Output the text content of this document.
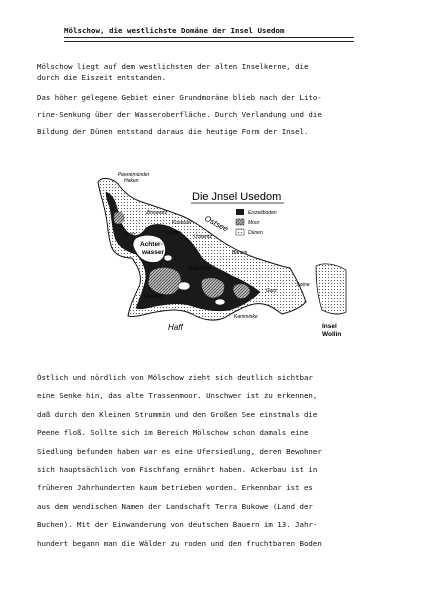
Mölschow, die westlichste Domäne der Insel Usedom
Mölschow liegt auf dem westlichsten der alten Inselkerne, die
durch die Eiszeit entstanden.
Das höher gelegene Gebiet einer Grundmoräne blieb nach der Lito-
rine-Senkung über der Wasseroberfläche. Durch Verlandung und die
Bildung der Dünen entstand daraus die heutige Form der Insel.
Die Jnsel Usedom
Eiszeitboden
Moor
Dünen
Peenemünder
Haken
Zinnowitz
Koserow
Ückeritz
Bansin
Loddin
Gnitz
Achter-
wasser
Ostsee
Usedom
Mellenthin
Garz
Kamminke
Swine
Haff	Insel
Wollin
Östlich und nördlich von Mölschow zieht sich deutlich sichtbar
eine Senke hin, das alte Trassenmoor. Unschwer ist zu erkennen,
daß durch den Kleinen Strummin und den Großen See einstmals die
Peene floß. Sollte sich im Bereich Mölschow schon damals eine
Siedlung befunden haben war es eine Ufersiedlung, deren Bewohner
sich hauptsächlich vom Fischfang ernährt haben. Ackerbau ist in
früheren Jahrhunderten kaum betrieben worden. Erkennbar ist es
aus dem wendischen Namen der Landschaft Terra Bukowe (Land der
Buchen). Mit der Einwanderung von deutschen Bauern im 13. Jahr-
hundert begann man die Wälder zu roden und den fruchtbaren Boden
